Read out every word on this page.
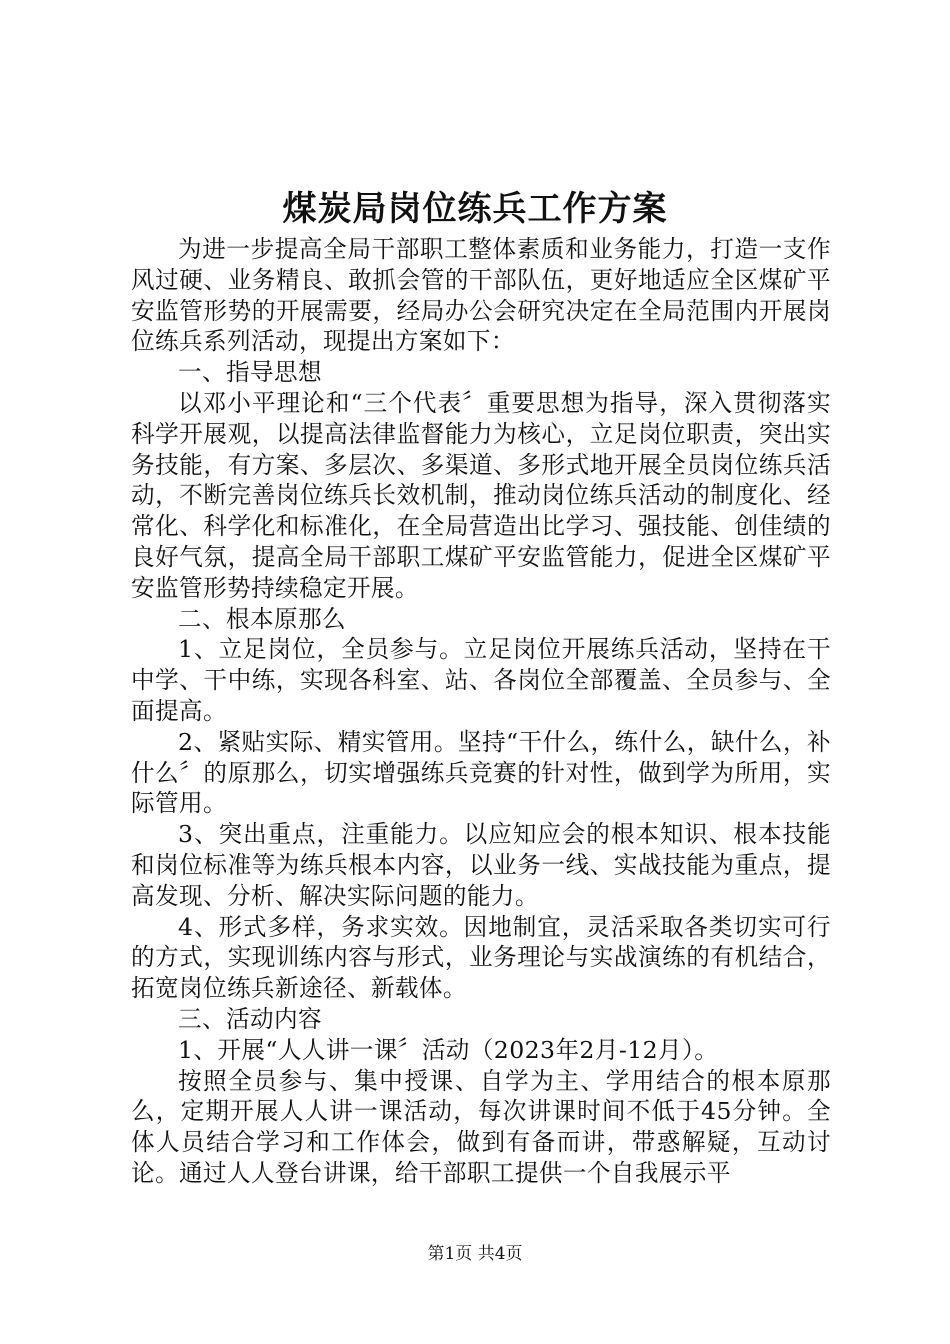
煤炭局岗位练兵工作方案

为进一步提高全局干部职工整体素质和业务能力，打造一支作风过硬、业务精良、敢抓会管的干部队伍，更好地适应全区煤矿平安监管形势的开展需要，经局办公会研究决定在全局范围内开展岗位练兵系列活动，现提出方案如下：

一、指导思想

以邓小平理论和“三个代表〞重要思想为指导，深入贯彻落实科学开展观，以提高法律监督能力为核心，立足岗位职责，突出实务技能，有方案、多层次、多渠道、多形式地开展全员岗位练兵活动，不断完善岗位练兵长效机制，推动岗位练兵活动的制度化、经常化、科学化和标准化，在全局营造出比学习、强技能、创佳绩的良好气氛，提高全局干部职工煤矿平安监管能力，促进全区煤矿平安监管形势持续稳定开展。

二、根本原那么

1、立足岗位，全员参与。立足岗位开展练兵活动，坚持在干中学、干中练，实现各科室、站、各岗位全部覆盖、全员参与、全面提高。

2、紧贴实际、精实管用。坚持“干什么，练什么，缺什么，补什么〞的原那么，切实增强练兵竞赛的针对性，做到学为所用，实际管用。

3、突出重点，注重能力。以应知应会的根本知识、根本技能和岗位标准等为练兵根本内容，以业务一线、实战技能为重点，提高发现、分析、解决实际问题的能力。

4、形式多样，务求实效。因地制宜，灵活采取各类切实可行的方式，实现训练内容与形式，业务理论与实战演练的有机结合，拓宽岗位练兵新途径、新载体。

三、活动内容

1、开展“人人讲一课〞活动（2023年2月-12月）。

按照全员参与、集中授课、自学为主、学用结合的根本原那么，定期开展人人讲一课活动，每次讲课时间不低于45分钟。全体人员结合学习和工作体会，做到有备而讲，带惑解疑，互动讨论。通过人人登台讲课，给干部职工提供一个自我展示平

第1页 共4页
